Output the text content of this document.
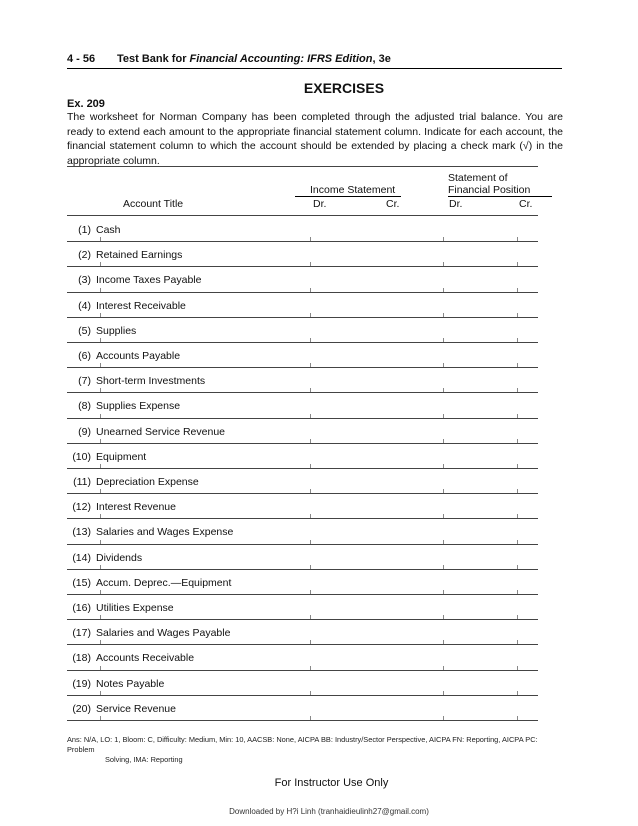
4 - 56 Test Bank for Financial Accounting: IFRS Edition, 3e
EXERCISES
Ex. 209
The worksheet for Norman Company has been completed through the adjusted trial balance. You are ready to extend each amount to the appropriate financial statement column. Indicate for each account, the financial statement column to which the account should be extended by placing a check mark (√) in the appropriate column.
Statement of
Income Statement	Financial Position
Account Title	Dr.	Cr.	Dr.	Cr.
(1) Cash
(2) Retained Earnings
(3) Income Taxes Payable
(4) Interest Receivable
(5) Supplies
(6) Accounts Payable
(7) Short-term Investments
(8) Supplies Expense
(9) Unearned Service Revenue
(10) Equipment
(11) Depreciation Expense
(12) Interest Revenue
(13) Salaries and Wages Expense
(14) Dividends
(15) Accum. Deprec.—Equipment
(16) Utilities Expense
(17) Salaries and Wages Payable
(18) Accounts Receivable
(19) Notes Payable
(20) Service Revenue
Ans: N/A, LO: 1, Bloom: C, Difficulty: Medium, Min: 10, AACSB: None, AICPA BB: Industry/Sector Perspective, AICPA FN: Reporting, AICPA PC: Problem
Solving, IMA: Reporting
For Instructor Use Only
Downloaded by H?i Linh (tranhaidieulinh27@gmail.com)
